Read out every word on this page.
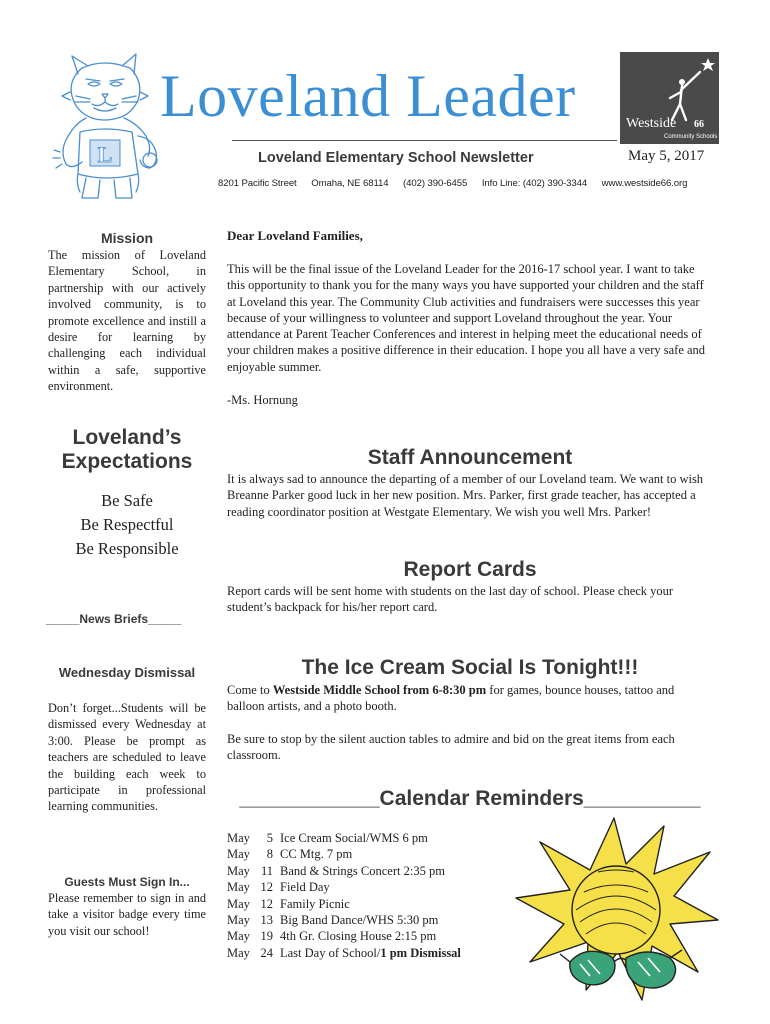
L
Loveland Leader
Loveland Elementary School Newsletter	May 5, 2017
8201 Pacific Street Omaha, NE 68114 (402) 390-6455 Info Line: (402) 390-3344 www.westside66.org
Westside 66
Community Schools
Mission
The mission of Loveland Elementary School, in partnership with our actively involved community, is to promote excellence and instill a desire for learning by challenging each individual within a safe, supportive environment.
Loveland’s Expectations
Be Safe
Be Respectful
Be Responsible
_____News Briefs_____
Wednesday Dismissal
Don’t forget...Students will be dismissed every Wednesday at 3:00. Please be prompt as teachers are scheduled to leave the building each week to participate in professional learning communities.
Guests Must Sign In...
Please remember to sign in and take a visitor badge every time you visit our school!
Dear Loveland Families,
This will be the final issue of the Loveland Leader for the 2016-17 school year. I want to take this opportunity to thank you for the many ways you have supported your children and the staff at Loveland this year. The Community Club activities and fundraisers were successes this year because of your willingness to volunteer and support Loveland throughout the year. Your attendance at Parent Teacher Conferences and interest in helping meet the educational needs of your children makes a positive difference in their education. I hope you all have a very safe and enjoyable summer.
-Ms. Hornung
Staff Announcement
It is always sad to announce the departing of a member of our Loveland team. We want to wish Breanne Parker good luck in her new position. Mrs. Parker, first grade teacher, has accepted a reading coordinator position at Westgate Elementary. We wish you well Mrs. Parker!
Report Cards
Report cards will be sent home with students on the last day of school. Please check your student’s backpack for his/her report card.
The Ice Cream Social Is Tonight!!!
Come to Westside Middle School from 6-8:30 pm for games, bounce houses, tattoo and balloon artists, and a photo booth.
Be sure to stop by the silent auction tables to admire and bid on the great items from each classroom.
____________Calendar Reminders__________
May	5 Ice Cream Social/WMS 6 pm
May	8 CC Mtg. 7 pm
May 11 Band & Strings Concert 2:35 pm
May 12 Field Day
May 12 Family Picnic
May 13 Big Band Dance/WHS 5:30 pm
May 19 4th Gr. Closing House 2:15 pm
May 24 Last Day of School/ 1 pm Dismissal
